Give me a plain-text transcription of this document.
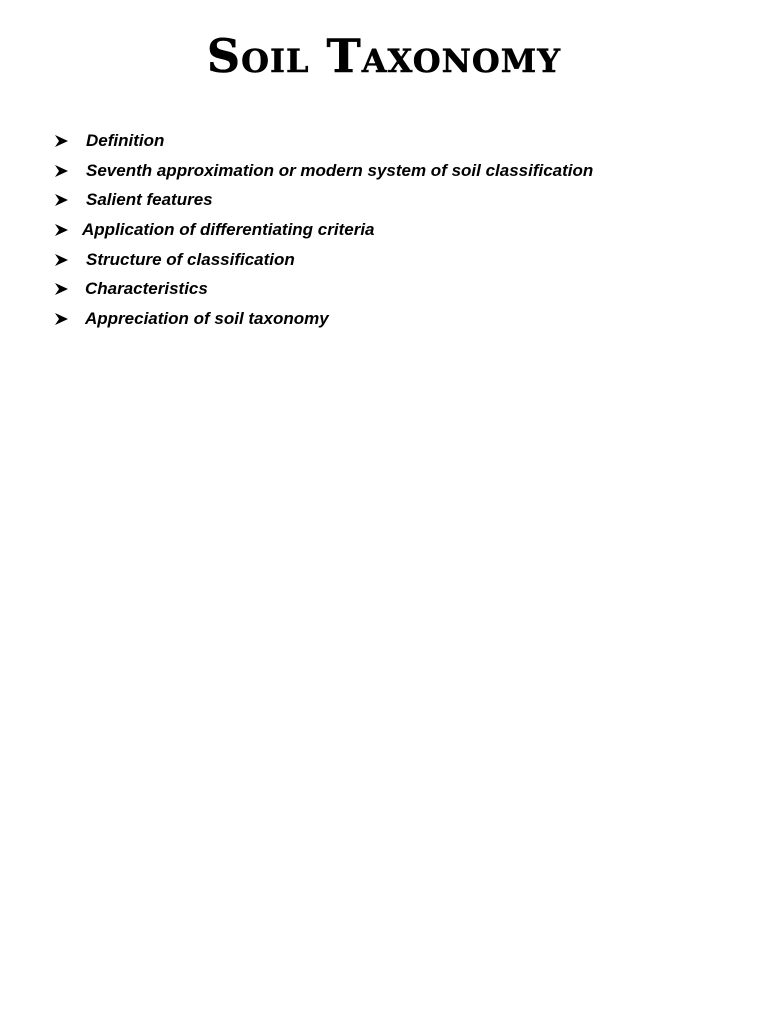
Soil Taxonomy
Definition
Seventh approximation or modern system of soil classification
Salient features
Application of differentiating criteria
Structure of classification
Characteristics
Appreciation of soil taxonomy
